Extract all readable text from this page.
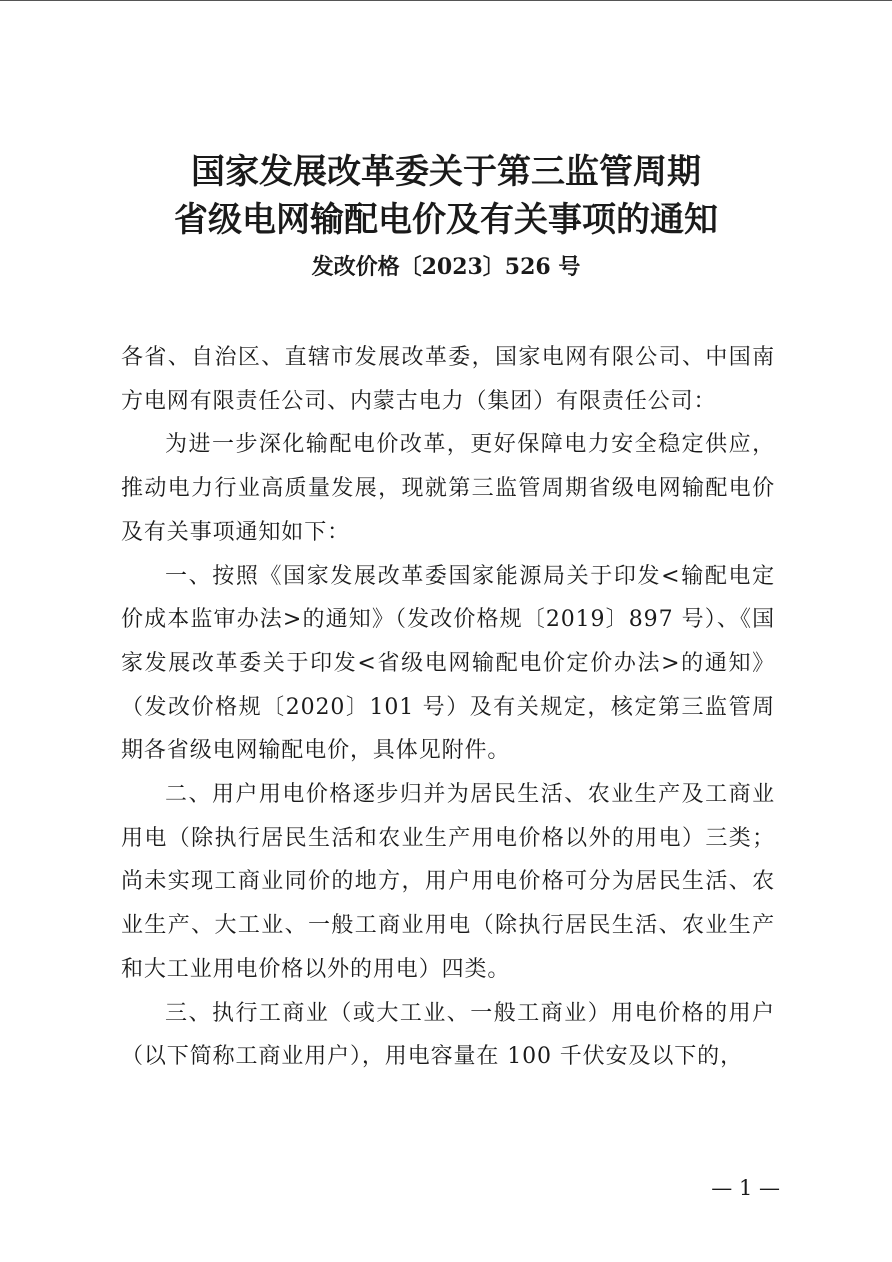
国家发展改革委关于第三监管周期
省级电网输配电价及有关事项的通知
发改价格〔2023〕526 号

各省、自治区、直辖市发展改革委，国家电网有限公司、中国南方电网有限责任公司、内蒙古电力（集团）有限责任公司：

为进一步深化输配电价改革，更好保障电力安全稳定供应，推动电力行业高质量发展，现就第三监管周期省级电网输配电价及有关事项通知如下：

一、按照《国家发展改革委国家能源局关于印发<输配电定价成本监审办法>的通知》（发改价格规〔2019〕897 号）、《国家发展改革委关于印发<省级电网输配电价定价办法>的通知》（发改价格规〔2020〕101 号）及有关规定，核定第三监管周期各省级电网输配电价，具体见附件。

二、用户用电价格逐步归并为居民生活、农业生产及工商业用电（除执行居民生活和农业生产用电价格以外的用电）三类；尚未实现工商业同价的地方，用户用电价格可分为居民生活、农业生产、大工业、一般工商业用电（除执行居民生活、农业生产和大工业用电价格以外的用电）四类。

三、执行工商业（或大工业、一般工商业）用电价格的用户（以下简称工商业用户），用电容量在 100 千伏安及以下的，

— 1 —
